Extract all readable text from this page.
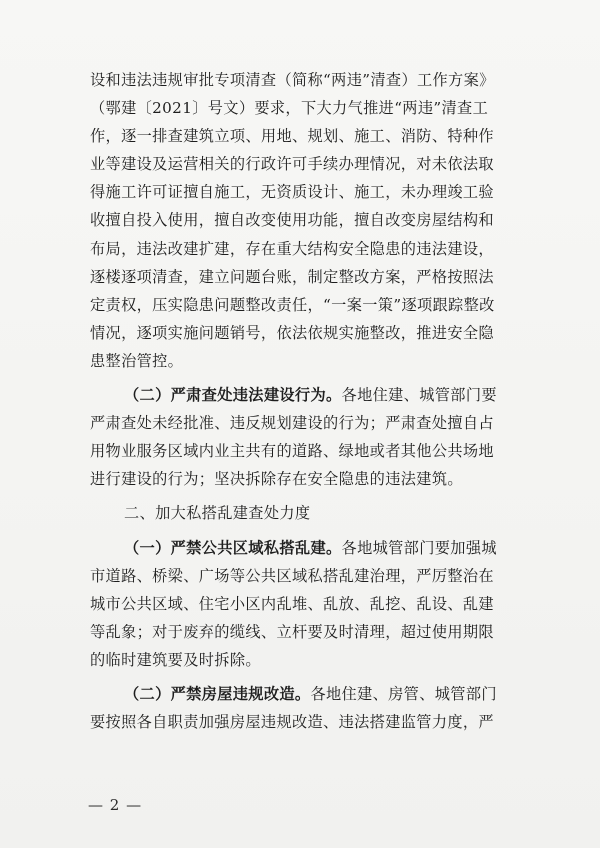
设和违法违规审批专项清查（简称“两违”清查）工作方案》
（鄂建〔2021〕号文）要求，下大力气推进“两违”清查工
作，逐一排查建筑立项、用地、规划、施工、消防、特种作
业等建设及运营相关的行政许可手续办理情况，对未依法取
得施工许可证擅自施工，无资质设计、施工，未办理竣工验
收擅自投入使用，擅自改变使用功能，擅自改变房屋结构和
布局，违法改建扩建，存在重大结构安全隐患的违法建设，
逐楼逐项清查，建立问题台账，制定整改方案，严格按照法
定责权，压实隐患问题整改责任，“一案一策”逐项跟踪整改
情况，逐项实施问题销号，依法依规实施整改，推进安全隐
患整治管控。
（二）严肃查处违法建设行为。各地住建、城管部门要
严肃查处未经批准、违反规划建设的行为；严肃查处擅自占
用物业服务区域内业主共有的道路、绿地或者其他公共场地
进行建设的行为；坚决拆除存在安全隐患的违法建筑。
二、加大私搭乱建查处力度
（一）严禁公共区域私搭乱建。各地城管部门要加强城
市道路、桥梁、广场等公共区域私搭乱建治理，严厉整治在
城市公共区域、住宅小区内乱堆、乱放、乱挖、乱设、乱建
等乱象；对于废弃的缆线、立杆要及时清理，超过使用期限
的临时建筑要及时拆除。
（二）严禁房屋违规改造。各地住建、房管、城管部门
要按照各自职责加强房屋违规改造、违法搭建监管力度，严
— 2 —
